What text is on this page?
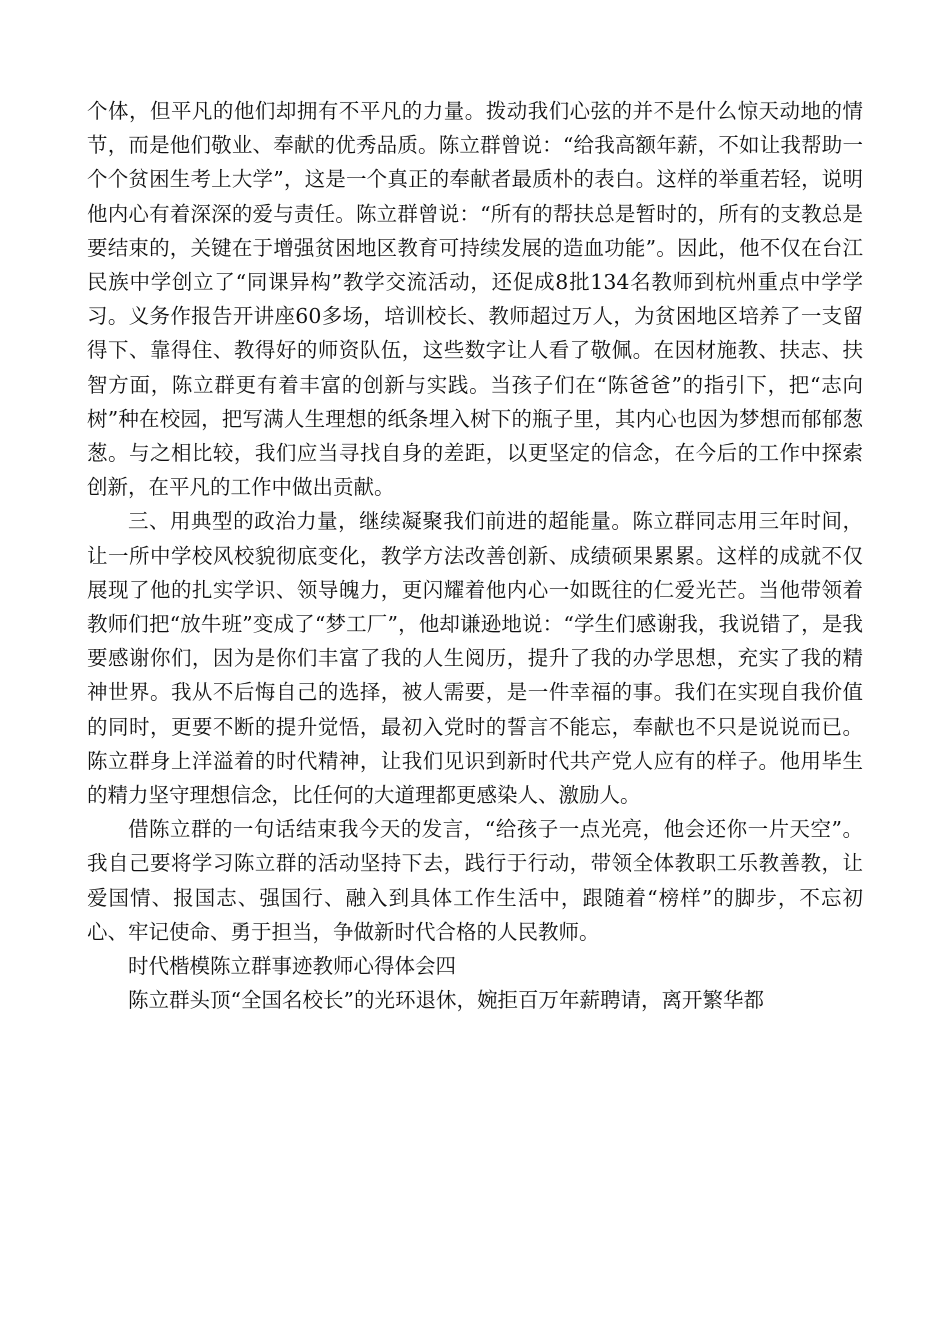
个体，但平凡的他们却拥有不平凡的力量。拨动我们心弦的并不是什么惊天动地的情节，而是他们敬业、奉献的优秀品质。陈立群曾说：“给我高额年薪，不如让我帮助一个个贫困生考上大学”，这是一个真正的奉献者最质朴的表白。这样的举重若轻，说明他内心有着深深的爱与责任。陈立群曾说：“所有的帮扶总是暂时的，所有的支教总是要结束的，关键在于增强贫困地区教育可持续发展的造血功能”。因此，他不仅在台江民族中学创立了“同课异构”教学交流活动，还促成8批134名教师到杭州重点中学学习。义务作报告开讲座60多场，培训校长、教师超过万人，为贫困地区培养了一支留得下、靠得住、教得好的师资队伍，这些数字让人看了敬佩。在因材施教、扶志、扶智方面，陈立群更有着丰富的创新与实践。当孩子们在“陈爸爸”的指引下，把“志向树”种在校园，把写满人生理想的纸条埋入树下的瓶子里，其内心也因为梦想而郁郁葱葱。与之相比较，我们应当寻找自身的差距，以更坚定的信念，在今后的工作中探索创新，在平凡的工作中做出贡献。

三、用典型的政治力量，继续凝聚我们前进的超能量。陈立群同志用三年时间，让一所中学校风校貌彻底变化，教学方法改善创新、成绩硕果累累。这样的成就不仅展现了他的扎实学识、领导魄力，更闪耀着他内心一如既往的仁爱光芒。当他带领着教师们把“放牛班”变成了“梦工厂”，他却谦逊地说：“学生们感谢我，我说错了，是我要感谢你们，因为是你们丰富了我的人生阅历，提升了我的办学思想，充实了我的精神世界。我从不后悔自己的选择，被人需要，是一件幸福的事。我们在实现自我价值的同时，更要不断的提升觉悟，最初入党时的誓言不能忘，奉献也不只是说说而已。陈立群身上洋溢着的时代精神，让我们见识到新时代共产党人应有的样子。他用毕生的精力坚守理想信念，比任何的大道理都更感染人、激励人。

借陈立群的一句话结束我今天的发言，“给孩子一点光亮，他会还你一片天空”。我自己要将学习陈立群的活动坚持下去，践行于行动，带领全体教职工乐教善教，让爱国情、报国志、强国行、融入到具体工作生活中，跟随着“榜样”的脚步，不忘初心、牢记使命、勇于担当，争做新时代合格的人民教师。

时代楷模陈立群事迹教师心得体会四

陈立群头顶“全国名校长”的光环退休，婉拒百万年薪聘请，离开繁华都
